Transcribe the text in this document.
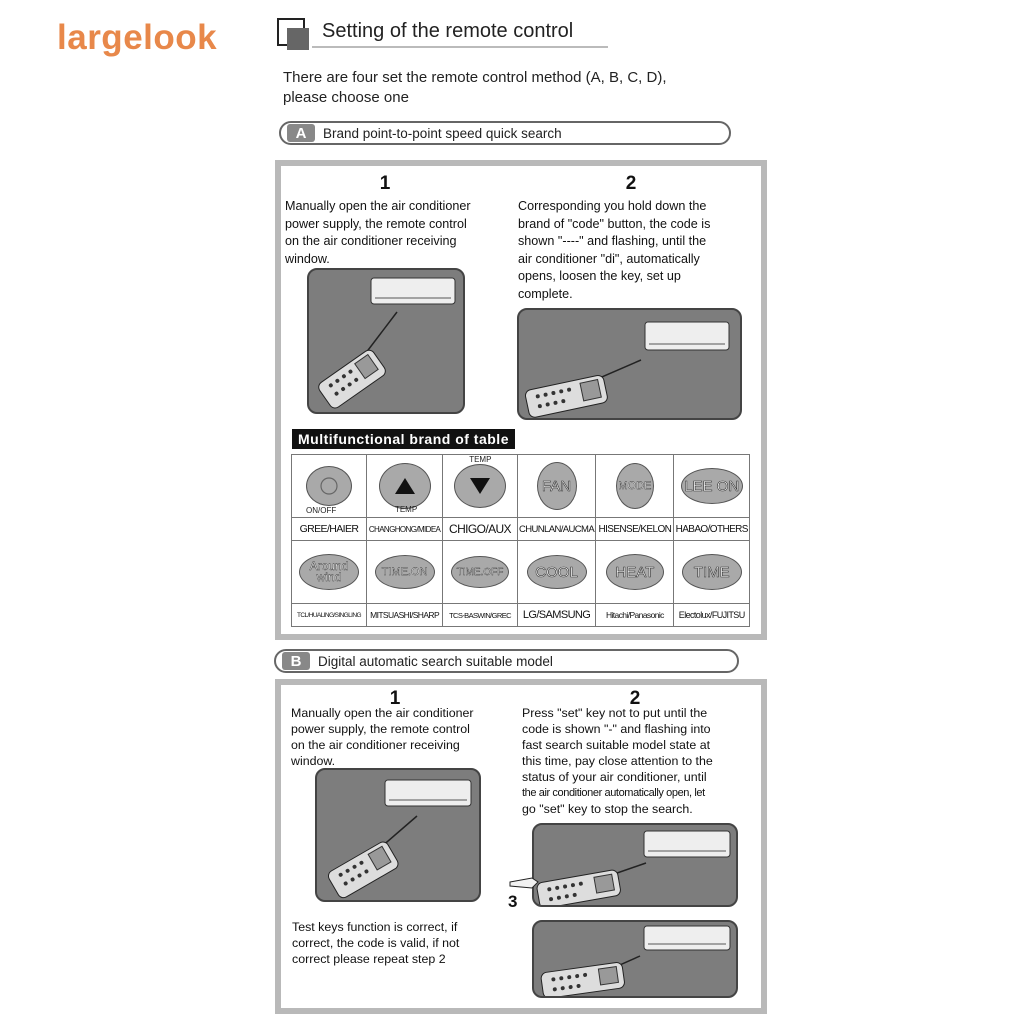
largelook	Setting of the remote control
There are four set the remote control method (A, B, C, D),
please choose one
A	Brand point-to-point speed quick search
1	2
Manually open the air conditioner
power supply, the remote control
on the air conditioner receiving
window.
Corresponding you hold down the
brand of "code" button, the code is
shown "----" and flashing, until the
air conditioner "di", automatically
opens, loosen the key, set up
complete.
Multifunctional brand of table
ON/OFF	TEMP	TEMP	FAN	MODE	LEE ON
GREE/HAIER	CHANGHONG/MIDEA	CHIGO/AUX	CHUNLAN/AUCMA	HISENSE/KELON	HABAO/OTHERS
Around wind	TIME.ON	TIME.OFF	COOL	HEAT	TIME
TCL/HUALING/SINGLING	MITSUASHI/SHARP	TCS-BASWIN/GREC	LG/SAMSUNG	Hitachi/Panasonic	Electolux/FUJITSU
B	Digital automatic search suitable model
1	2
Manually open the air conditioner
power supply, the remote control
on the air conditioner receiving
window.
Press "set" key not to put until the
code is shown "-" and flashing into
fast search suitable model state at
this time, pay close attention to the
status of your air conditioner, until
the air conditioner automatically open, let
go "set" key to stop the search.
3
Test keys function is correct, if
correct, the code is valid, if not
correct please repeat step 2
